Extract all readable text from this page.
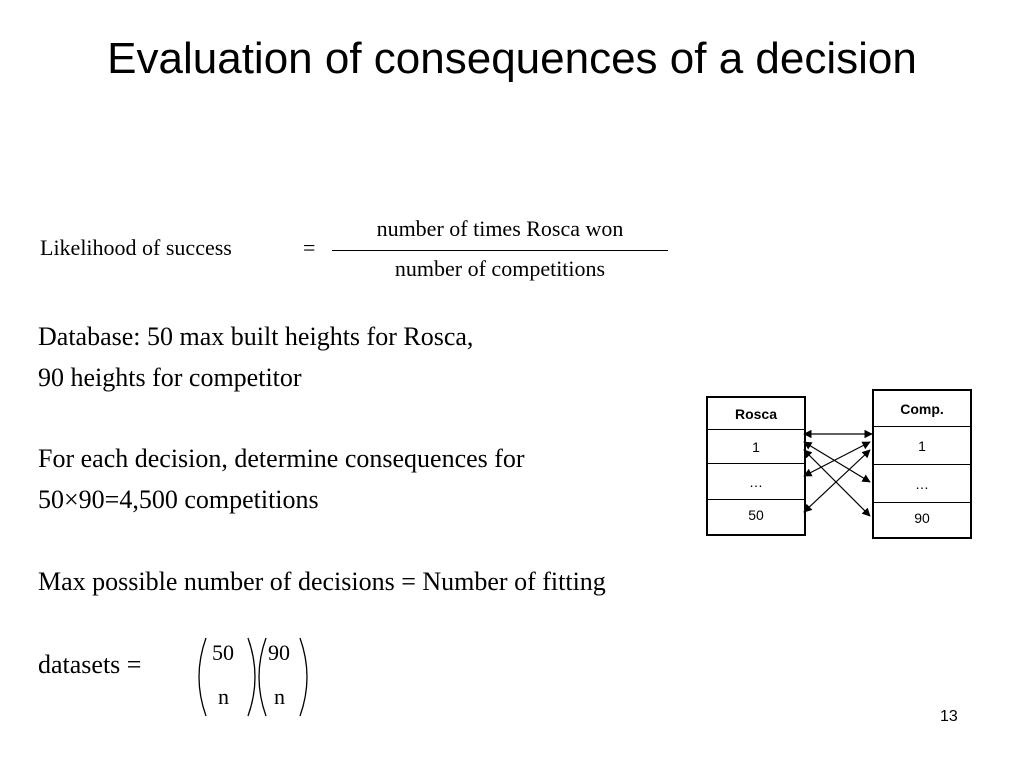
Evaluation of consequences of a decision
Likelihood of success	=
number of times Rosca won
number of competitions

Database: 50 max built heights for Rosca,

90 heights for competitor

For each decision, determine consequences for

50×90=4,500 competitions

Max possible number of decisions = Number of fitting

datasets =	50
n
90
n
Rosca
1
…
50
Comp.
1
…
90
13
